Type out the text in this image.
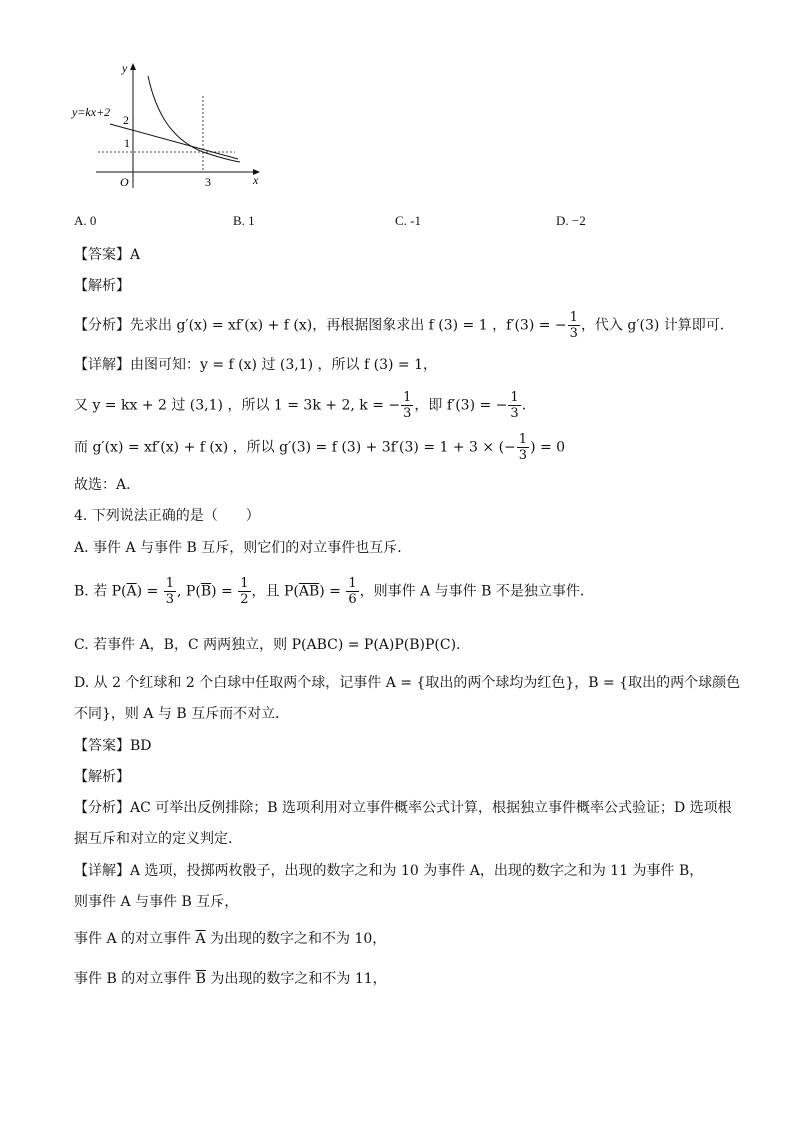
y
x
O
y=kx+2
2
1
3
A. 0	B. 1	C. -1	D. −2
【答案】A
【解析】
【分析】先求出 g′(x) = xf′(x) + f (x)，再根据图象求出 f (3) = 1 ，f′(3) = − $\frac{1}{3}$ ，代入 g′(3) 计算即可．
【详解】由图可知：y = f (x) 过 (3,1) ，所以 f (3) = 1，
又 y = kx + 2 过 (3,1) ，所以 1 = 3k + 2, k = − $\frac{1}{3}$ ，即 f′(3) = − $\frac{1}{3}$ ．
而 g′(x) = xf′(x) + f (x) ，所以 g′(3) = f (3) + 3f′(3) = 1 + 3 × (− $\frac{1}{3}$ ) = 0
故选：A．
4. 下列说法正确的是（　　）
A. 事件 A 与事件 B 互斥，则它们的对立事件也互斥．
B. 若 $P(\overline{A}) = \frac{1}{3}$ , $P(\overline{B}) = \frac{1}{2}$ ，且 $P(\overline{AB}) = \frac{1}{6}$ ，则事件 A 与事件 B 不是独立事件．
C. 若事件 A，B，C 两两独立，则 P(ABC) = P(A)P(B)P(C)．
D. 从 2 个红球和 2 个白球中任取两个球，记事件 A = {取出的两个球均为红色}，B = {取出的两个球颜色
不同}，则 A 与 B 互斥而不对立．
【答案】BD
【解析】
【分析】AC 可举出反例排除；B 选项利用对立事件概率公式计算，根据独立事件概率公式验证；D 选项根
据互斥和对立的定义判定.
【详解】A 选项，投掷两枚骰子，出现的数字之和为 10 为事件 A，出现的数字之和为 11 为事件 B，
则事件 A 与事件 B 互斥，
事件 A 的对立事件 $\overline{A}$ 为出现的数字之和不为 10，
事件 B 的对立事件 $\overline{B}$ 为出现的数字之和不为 11，
